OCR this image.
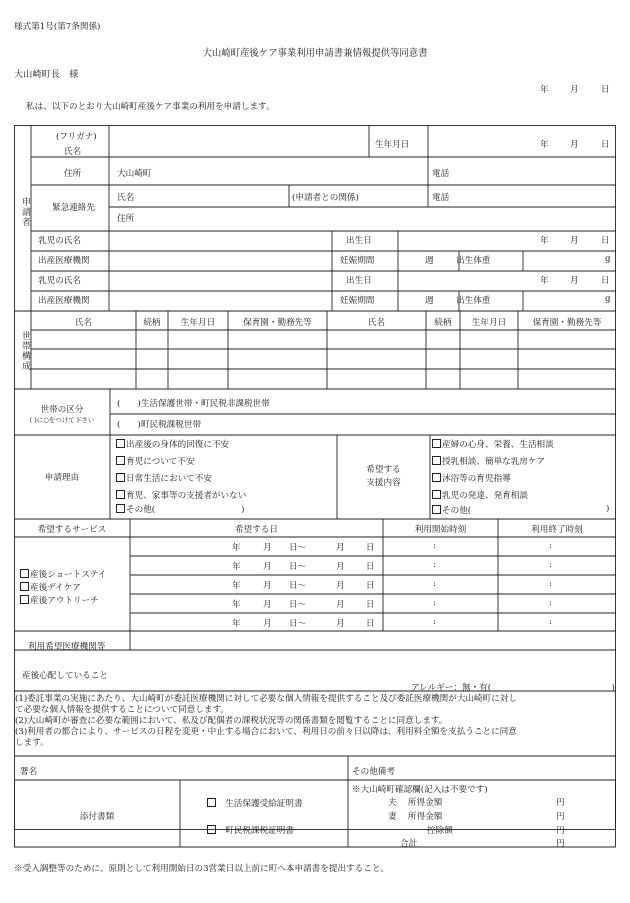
様式第1号(第7条関係)
大山崎町産後ケア事業利用申請書兼情報提供等同意書
大山崎町長　様
年 月	日
私は、以下のとおり大山崎町産後ケア事業の利用を申請します。
申請者
(フリガナ)
氏名
生年月日	年 月	日
住所	大山崎町	電話
緊急連絡先
氏名	(申請者との関係)	電話
住所
乳児の氏名	出生日	年 月	日
出産医療機関	妊娠期間	週	出生体重	g
乳児の氏名	出生日	年 月	日
出産医療機関	妊娠期間	週	出生体重	g
世帯構成
氏名	続柄	生年月日	保育園・勤務先等	氏名	続柄	生年月日	保育園・勤務先等
世帯の区分
( )に○をつけて下さい
(　　)生活保護世帯・町民税非課税世帯
(　　)町民税課税世帯
申請理由
出産後の身体的回復に不安
育児について不安
日常生活において不安
育児、家事等の支援者がいない
その他(　　　　　　　　　　)
希望する
支援内容
産婦の心身、栄養、生活相談
授乳相談、簡単な乳房ケア
沐浴等の育児指導
乳児の発達、発育相談
その他(	)
希望するサービス	希望する日	利用開始時刻	利用終了時刻
産後ショートステイ
産後デイケア
産後アウトリーチ
年	月 日〜	月 日	:	:
年	月 日〜	月 日	:	:
年	月 日〜	月 日	:	:
年	月 日〜	月 日	:	:
年	月 日〜	月 日	:	:
利用希望医療機関等
産後心配していること
アレルギー：無・有(　　　　　　　　　　　　　　)
(1)委託事業の実施にあたり、大山崎町が委託医療機関に対して必要な個人情報を提供すること及び委託医療機関が大山崎町に対し
て必要な個人情報を提供することについて同意します。
(2)大山崎町が審査に必要な範囲において、私及び配偶者の課税状況等の関係書類を閲覧することに同意します。
(3)利用者の都合により、サービスの日程を変更・中止する場合において、利用日の前々日以降は、利用料全額を支払うことに同意
します。
署名	その他備考
添付書類
生活保護受給証明書
町民税課税証明書
※大山崎町確認欄(記入は不要です)
夫　 所得金額	円
妻　 所得金額	円
控除額	円
合計	円
※受入調整等のために、原則として利用開始日の3営業日以上前に町へ本申請書を提出すること。
